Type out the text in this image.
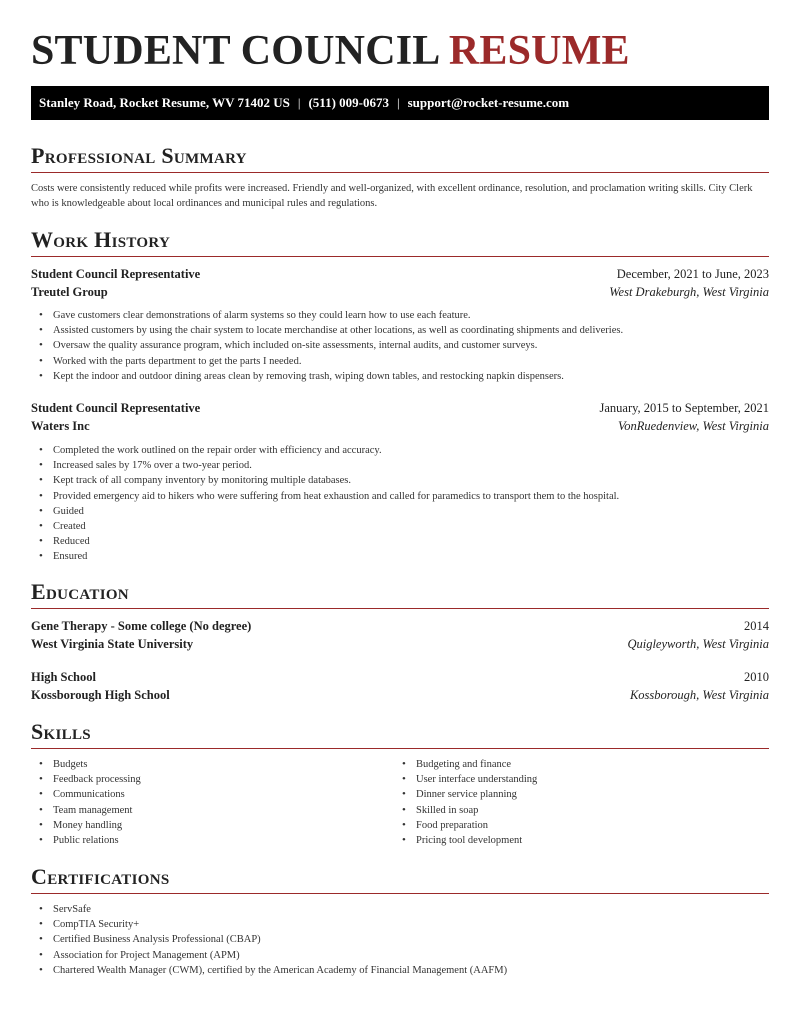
STUDENT COUNCIL RESUME
Stanley Road, Rocket Resume, WV 71402 US | (511) 009-0673 | support@rocket-resume.com
Professional Summary

Costs were consistently reduced while profits were increased. Friendly and well-organized, with excellent ordinance, resolution, and proclamation writing skills. City Clerk who is knowledgeable about local ordinances and municipal rules and regulations.

Work History
Student Council Representative	December, 2021 to June, 2023
Treutel Group	West Drakeburgh, West Virginia
• Gave customers clear demonstrations of alarm systems so they could learn how to use each feature.
• Assisted customers by using the chair system to locate merchandise at other locations, as well as coordinating shipments and deliveries.
• Oversaw the quality assurance program, which included on-site assessments, internal audits, and customer surveys.
• Worked with the parts department to get the parts I needed.
• Kept the indoor and outdoor dining areas clean by removing trash, wiping down tables, and restocking napkin dispensers.
Student Council Representative	January, 2015 to September, 2021
Waters Inc	VonRuedenview, West Virginia
• Completed the work outlined on the repair order with efficiency and accuracy.
• Increased sales by 17% over a two-year period.
• Kept track of all company inventory by monitoring multiple databases.
• Provided emergency aid to hikers who were suffering from heat exhaustion and called for paramedics to transport them to the hospital.
• Guided
• Created
• Reduced
• Ensured
Education
Gene Therapy - Some college (No degree)	2014
West Virginia State University	Quigleyworth, West Virginia
High School	2010
Kossborough High School	Kossborough, West Virginia
Skills
• Budgets
• Feedback processing
• Communications
• Team management
• Money handling
• Public relations
• Budgeting and finance
• User interface understanding
• Dinner service planning
• Skilled in soap
• Food preparation
• Pricing tool development
Certifications
• ServSafe
• CompTIA Security+
• Certified Business Analysis Professional (CBAP)
• Association for Project Management (APM)
• Chartered Wealth Manager (CWM), certified by the American Academy of Financial Management (AAFM)
